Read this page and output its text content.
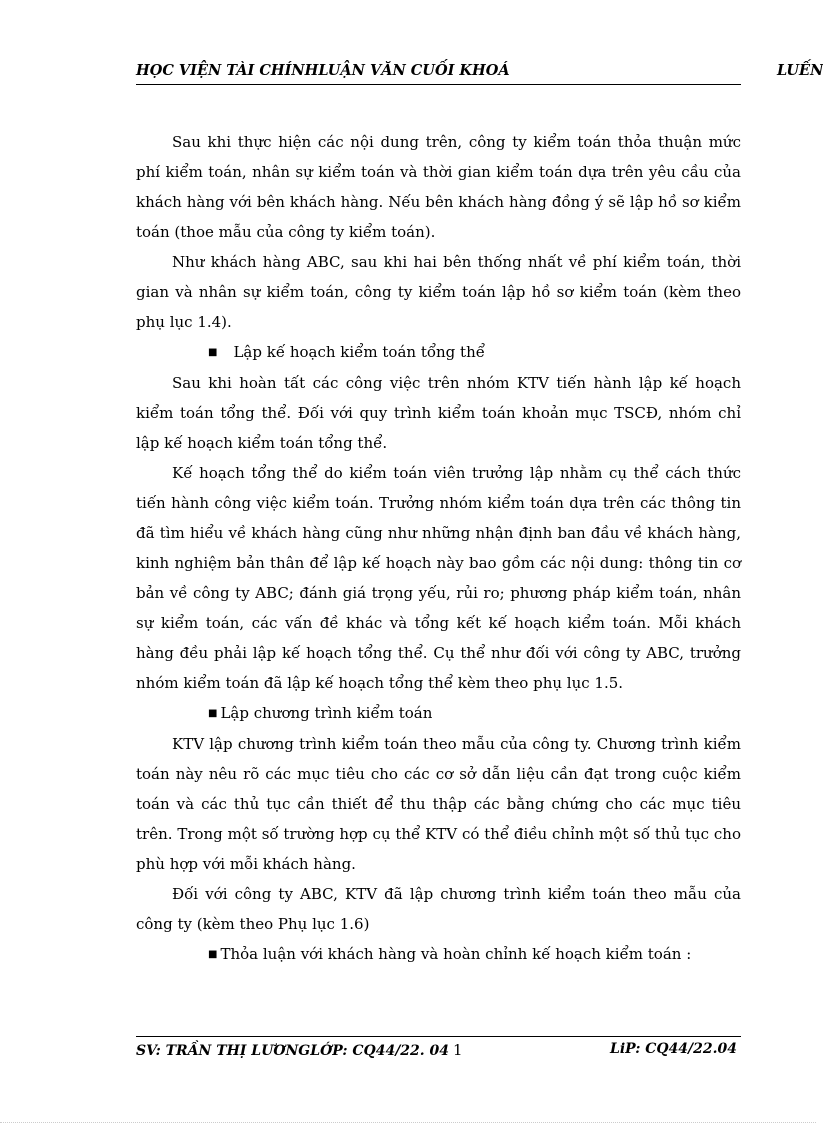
HỌC VIỆN TÀI CHÍNHLUẬN VĂN CUỐI KHOÁ	LUẾN

Sau khi thực hiện các nội dung trên, công ty kiểm toán thỏa thuận mức phí kiểm toán, nhân sự kiểm toán và thời gian kiểm toán dựa trên yêu cầu của khách hàng với bên khách hàng. Nếu bên khách hàng đồng ý sẽ lập hồ sơ kiểm toán (thoe mẫu của công ty kiểm toán).

Như khách hàng ABC, sau khi hai bên thống nhất về phí kiểm toán, thời gian và nhân sự kiểm toán, công ty kiểm toán lập hồ sơ kiểm toán (kèm theo phụ lục 1.4).

■ Lập kế hoạch kiểm toán tổng thể

Sau khi hoàn tất các công việc trên nhóm KTV tiến hành lập kế hoạch kiểm toán tổng thể. Đối với quy trình kiểm toán khoản mục TSCĐ, nhóm chỉ lập kế hoạch kiểm toán tổng thể.

Kế hoạch tổng thể do kiểm toán viên trưởng lập nhằm cụ thể cách thức tiến hành công việc kiểm toán. Trưởng nhóm kiểm toán dựa trên các thông tin đã tìm hiểu về khách hàng cũng như những nhận định ban đầu về khách hàng, kinh nghiệm bản thân để lập kế hoạch này bao gồm các nội dung: thông tin cơ bản về công ty ABC; đánh giá trọng yếu, rủi ro; phương pháp kiểm toán, nhân sự kiểm toán, các vấn đề khác và tổng kết kế hoạch kiểm toán. Mỗi khách hàng đều phải lập kế hoạch tổng thể. Cụ thể như đối với công ty ABC, trưởng nhóm kiểm toán đã lập kế hoạch tổng thể kèm theo phụ lục 1.5.

■ Lập chương trình kiểm toán

KTV lập chương trình kiểm toán theo mẫu của công ty. Chương trình kiểm toán này nêu rõ các mục tiêu cho các cơ sở dẫn liệu cần đạt trong cuộc kiểm toán và các thủ tục cần thiết để thu thập các bằng chứng cho các mục tiêu trên. Trong một số trường hợp cụ thể KTV có thể điều chỉnh một số thủ tục cho phù hợp với mỗi khách hàng.

Đối với công ty ABC, KTV đã lập chương trình kiểm toán theo mẫu của công ty (kèm theo Phụ lục 1.6)

■ Thỏa luận với khách hàng và hoàn chỉnh kế hoạch kiểm toán :

SV: TRẦN THỊ LƯƠNGLỚP: CQ44/22. 04 1	LiP: CQ44/22.04
